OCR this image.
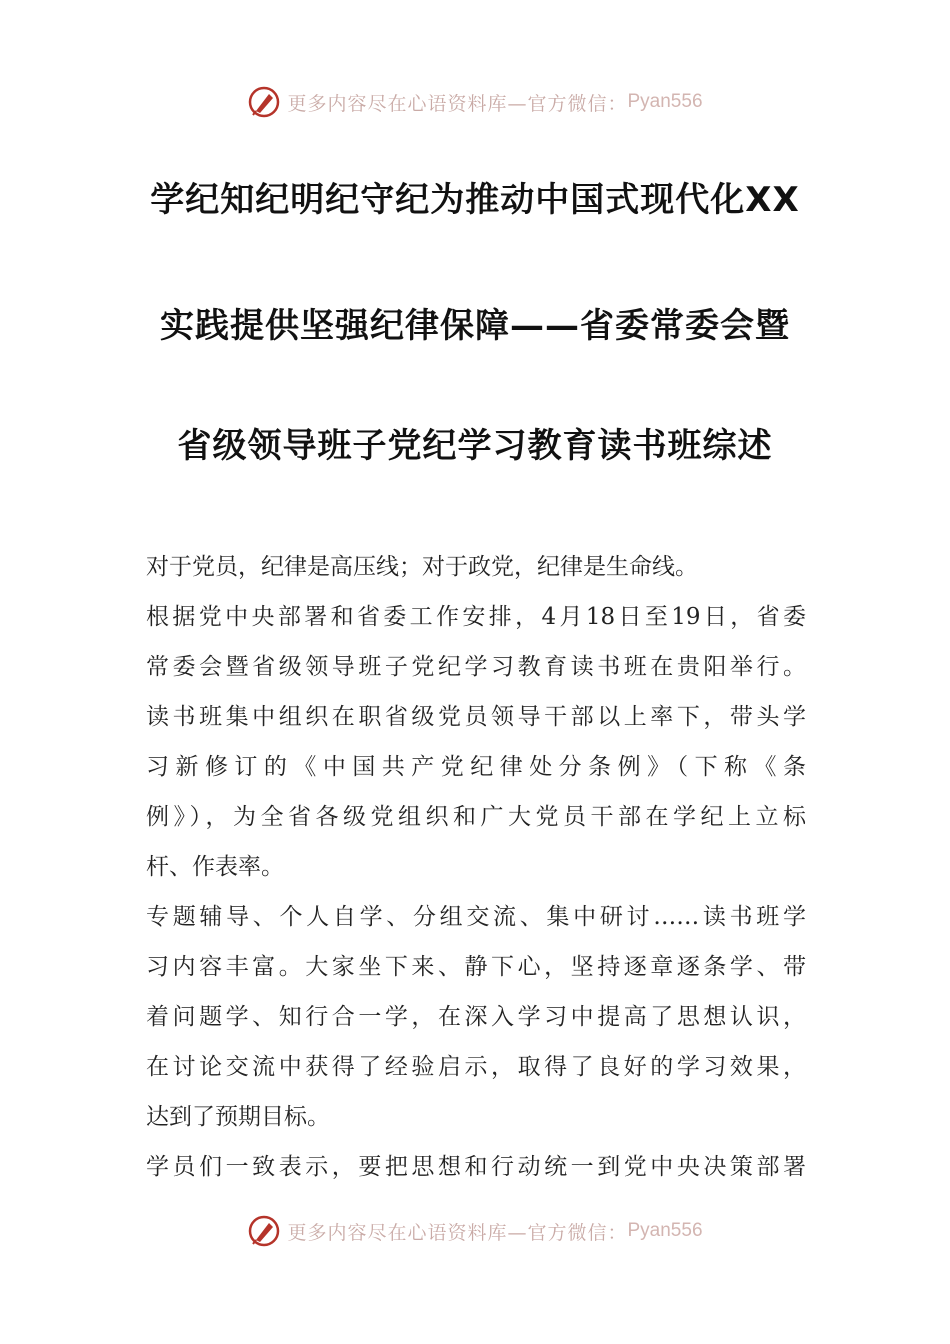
更多内容尽在心语资料库—官方微信： Pyan556
学纪知纪明纪守纪为推动中国式现代化XX
实践提供坚强纪律保障——省委常委会暨
省级领导班子党纪学习教育读书班综述
对于党员，纪律是高压线；对于政党，纪律是生命线。
根据党中央部署和省委工作安排，4月18日至19日，省委
常委会暨省级领导班子党纪学习教育读书班在贵阳举行。
读书班集中组织在职省级党员领导干部以上率下，带头学
习新修订的《中国共产党纪律处分条例》（下称《条
例》），为全省各级党组织和广大党员干部在学纪上立标
杆、作表率。
专题辅导、个人自学、分组交流、集中研讨……读书班学
习内容丰富。大家坐下来、静下心，坚持逐章逐条学、带
着问题学、知行合一学，在深入学习中提高了思想认识，
在讨论交流中获得了经验启示，取得了良好的学习效果，
达到了预期目标。
学员们一致表示，要把思想和行动统一到党中央决策部署
更多内容尽在心语资料库—官方微信： Pyan556
